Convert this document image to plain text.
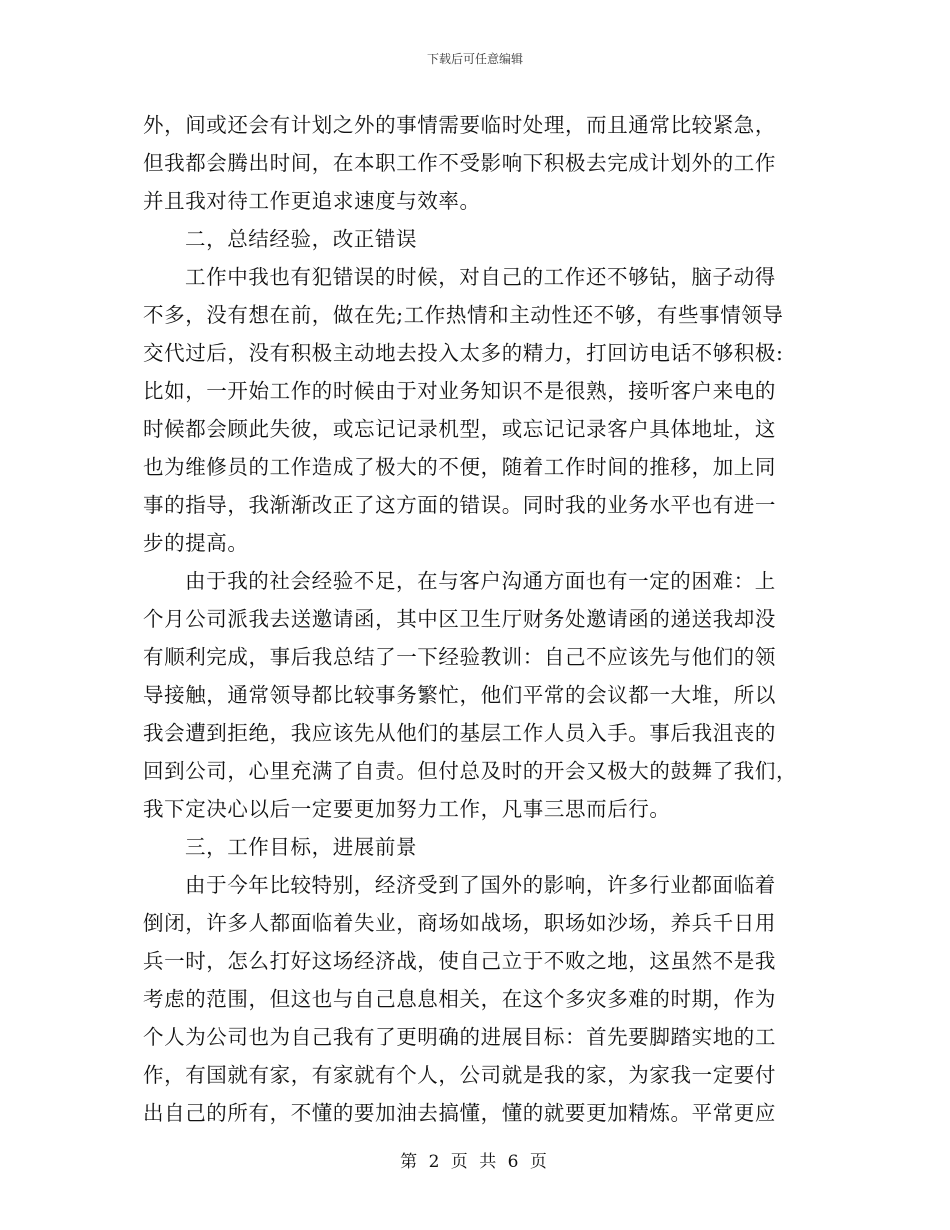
下载后可任意编辑
外，间或还会有计划之外的事情需要临时处理，而且通常比较紧急，
但我都会腾出时间，在本职工作不受影响下积极去完成计划外的工作
并且我对待工作更追求速度与效率。
二，总结经验，改正错误
工作中我也有犯错误的时候，对自己的工作还不够钻，脑子动得
不多，没有想在前，做在先;工作热情和主动性还不够，有些事情领导
交代过后，没有积极主动地去投入太多的精力，打回访电话不够积极:
比如，一开始工作的时候由于对业务知识不是很熟，接听客户来电的
时候都会顾此失彼，或忘记记录机型，或忘记记录客户具体地址，这
也为维修员的工作造成了极大的不便，随着工作时间的推移，加上同
事的指导，我渐渐改正了这方面的错误。同时我的业务水平也有进一
步的提高。
由于我的社会经验不足，在与客户沟通方面也有一定的困难：上
个月公司派我去送邀请函，其中区卫生厅财务处邀请函的递送我却没
有顺利完成，事后我总结了一下经验教训：自己不应该先与他们的领
导接触，通常领导都比较事务繁忙，他们平常的会议都一大堆，所以
我会遭到拒绝，我应该先从他们的基层工作人员入手。事后我沮丧的
回到公司，心里充满了自责。但付总及时的开会又极大的鼓舞了我们，
我下定决心以后一定要更加努力工作，凡事三思而后行。
三，工作目标，进展前景
由于今年比较特别，经济受到了国外的影响，许多行业都面临着
倒闭，许多人都面临着失业，商场如战场，职场如沙场，养兵千日用
兵一时，怎么打好这场经济战，使自己立于不败之地，这虽然不是我
考虑的范围，但这也与自己息息相关，在这个多灾多难的时期，作为
个人为公司也为自己我有了更明确的进展目标：首先要脚踏实地的工
作，有国就有家，有家就有个人，公司就是我的家，为家我一定要付
出自己的所有，不懂的要加油去搞懂，懂的就要更加精炼。平常更应
第 2 页 共 6 页
